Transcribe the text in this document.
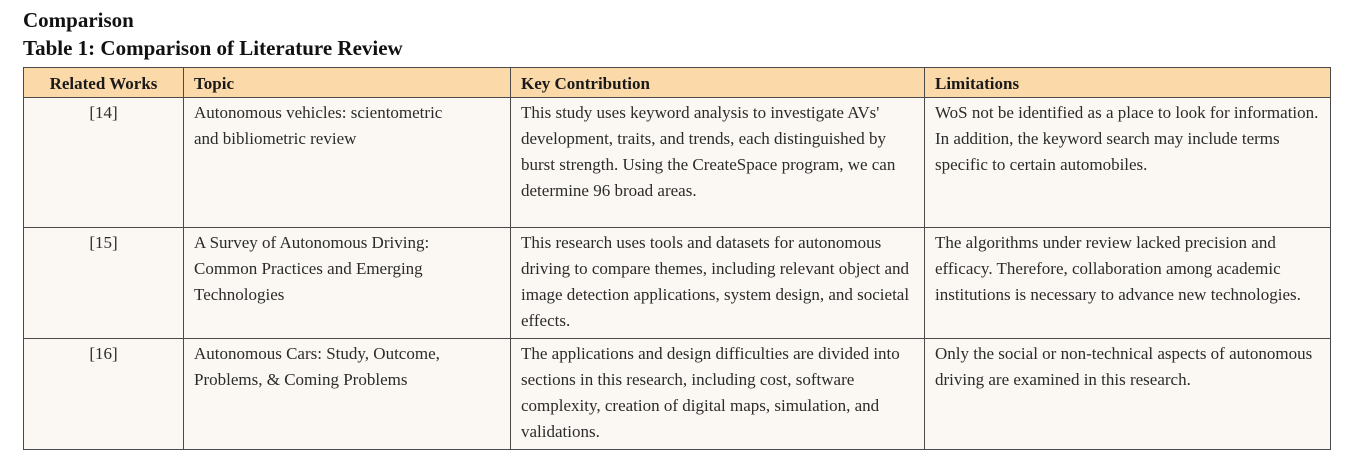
Comparison
Table 1: Comparison of Literature Review
Related Works	Topic	Key Contribution	Limitations
[14]	Autonomous vehicles: scientometric and bibliometric review	This study uses keyword analysis to investigate AVs' development, traits, and trends, each distinguished by burst strength. Using the CreateSpace program, we can determine 96 broad areas.	WoS not be identified as a place to look for information. In addition, the keyword search may include terms specific to certain automobiles.
[15]	A Survey of Autonomous Driving: Common Practices and Emerging Technologies	This research uses tools and datasets for autonomous driving to compare themes, including relevant object and image detection applications, system design, and societal effects.	The algorithms under review lacked precision and efficacy. Therefore, collaboration among academic institutions is necessary to advance new technologies.
[16]	Autonomous Cars: Study, Outcome, Problems, & Coming Problems	The applications and design difficulties are divided into sections in this research, including cost, software complexity, creation of digital maps, simulation, and validations.	Only the social or non-technical aspects of autonomous driving are examined in this research.
